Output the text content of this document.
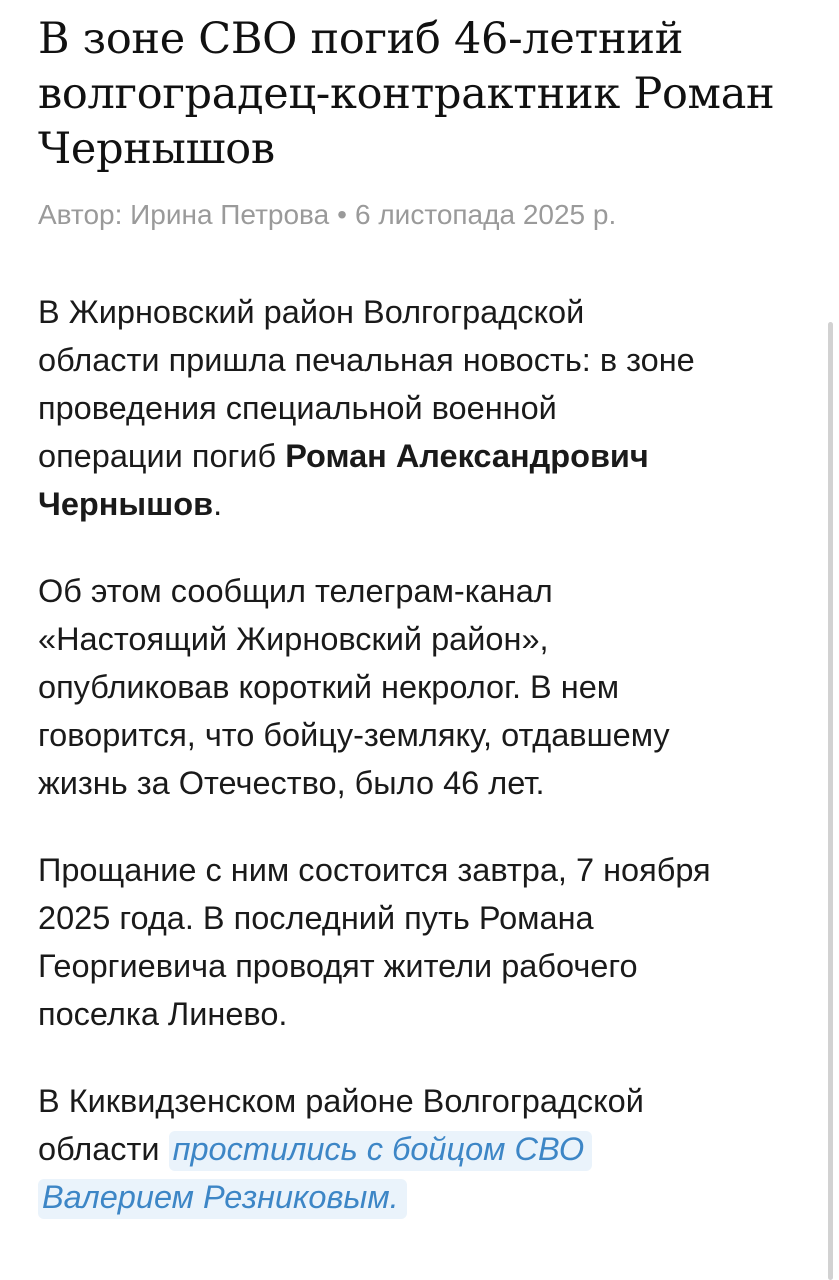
В зоне СВО погиб 46-летний волгоградец-контрактник Роман Чернышов
Автор: Ирина Петрова • 6 листопада 2025 р.

В Жирновский район Волгоградской
области пришла печальная новость: в зоне
проведения специальной военной
операции погиб Роман Александрович
Чернышов.

Об этом сообщил телеграм-канал
«Настоящий Жирновский район»,
опубликовав короткий некролог. В нем
говорится, что бойцу-земляку, отдавшему
жизнь за Отечество, было 46 лет.

Прощание с ним состоится завтра, 7 ноября
2025 года. В последний путь Романа
Георгиевича проводят жители рабочего
поселка Линево.

В Киквидзенском районе Волгоградской
области простились с бойцом СВО
Валерием Резниковым.
